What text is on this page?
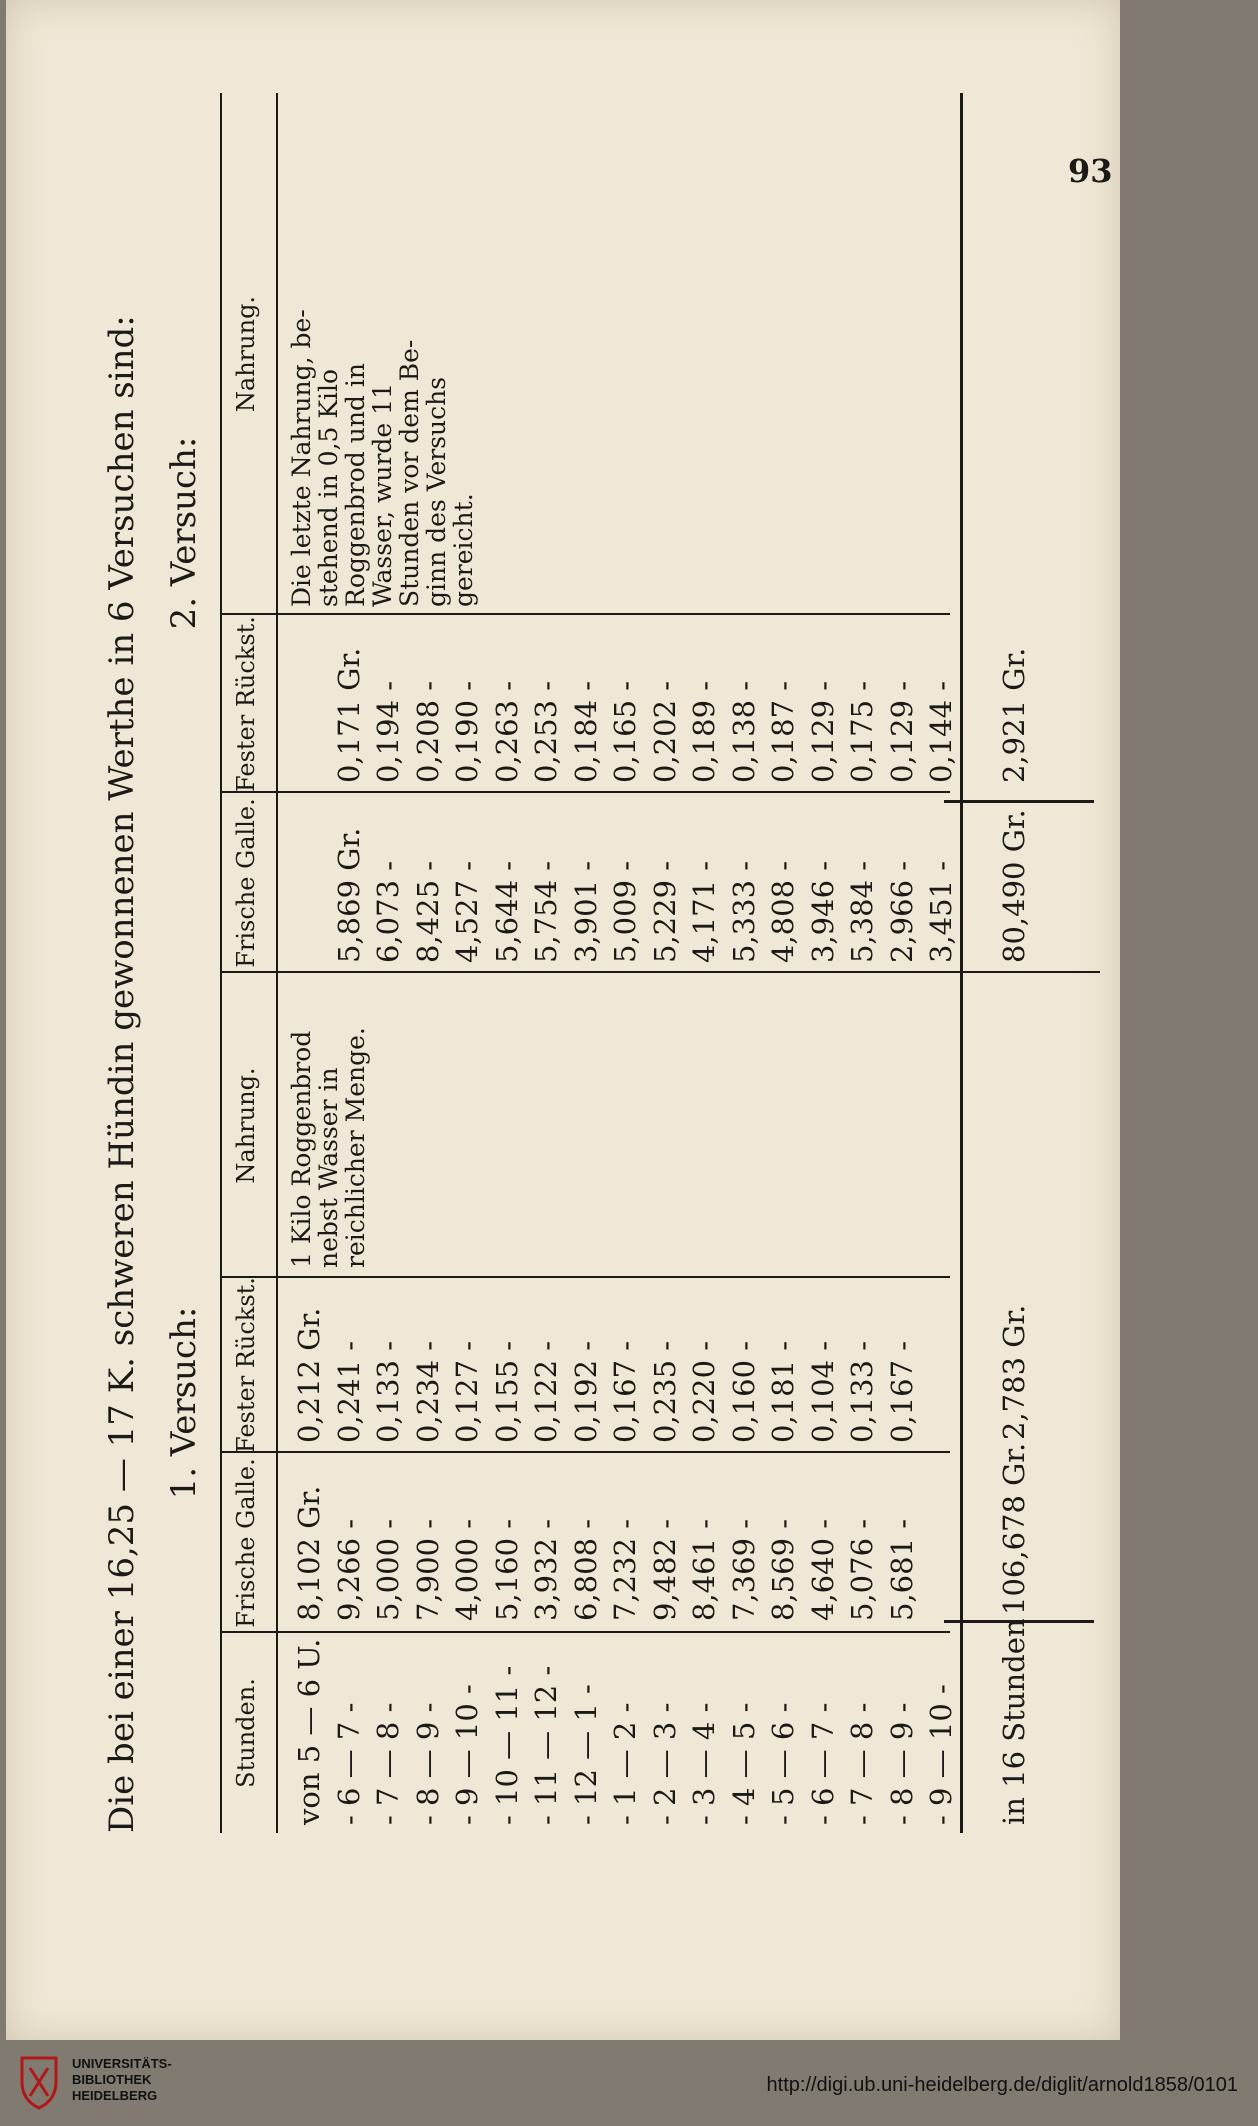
93
Die bei einer 16,25 — 17 K. schweren Hündin gewonnenen Werthe in 6 Versuchen sind: 1. Versuch:
2. Versuch:
Stunden.
Frische Galle.
Fester Rückst.
Nahrung.
Frische Galle.
Fester Rückst.
Nahrung.
1 Kilo Roggenbrod
nebst Wasser in
reichlicher Menge.
Die letzte Nahrung, be-
stehend in 0,5 Kilo
Roggenbrod und in
Wasser, wurde 11
Stunden vor dem Be-
ginn des Versuchs
gereicht.
in 16 Stunden
106,678 Gr.
2,783 Gr.
80,490 Gr.
2,921 Gr.
von 5 — 6 U.
8,102 Gr.
0,212 Gr.
- 6 — 7 -
9,266 -
0,241 -
- 7 — 8 -
5,000 -
0,133 -
- 8 — 9 -
7,900 -
0,234 -
- 9 — 10 -
4,000 -
0,127 -
- 10 — 11 -
5,160 -
0,155 -
- 11 — 12 -
3,932 -
0,122 -
- 12 — 1 -
6,808 -
0,192 -
- 1 — 2 -
7,232 -
0,167 -
- 2 — 3 -
9,482 -
0,235 -
- 3 — 4 -
8,461 -
0,220 -
- 4 — 5 -
7,369 -
0,160 -
- 5 — 6 -
8,569 -
0,181 -
- 6 — 7 -
4,640 -
0,104 -
- 7 — 8 -
5,076 -
0,133 -
- 8 — 9 -
5,681 -
0,167 -
- 9 — 10 -
5,869 Gr.
0,171 Gr.
6,073 -
0,194 -
8,425 -
0,208 -
4,527 -
0,190 -
5,644 -
0,263 -
5,754 -
0,253 -
3,901 -
0,184 -
5,009 -
0,165 -
5,229 -
0,202 -
4,171 -
0,189 -
5,333 -
0,138 -
4,808 -
0,187 -
3,946 -
0,129 -
5,384 -
0,175 -
2,966 -
0,129 -
3,451 -
0,144 -
UNIVERSITÄTS-
BIBLIOTHEK
HEIDELBERG	http://digi.ub.uni-heidelberg.de/diglit/arnold1858/0101
